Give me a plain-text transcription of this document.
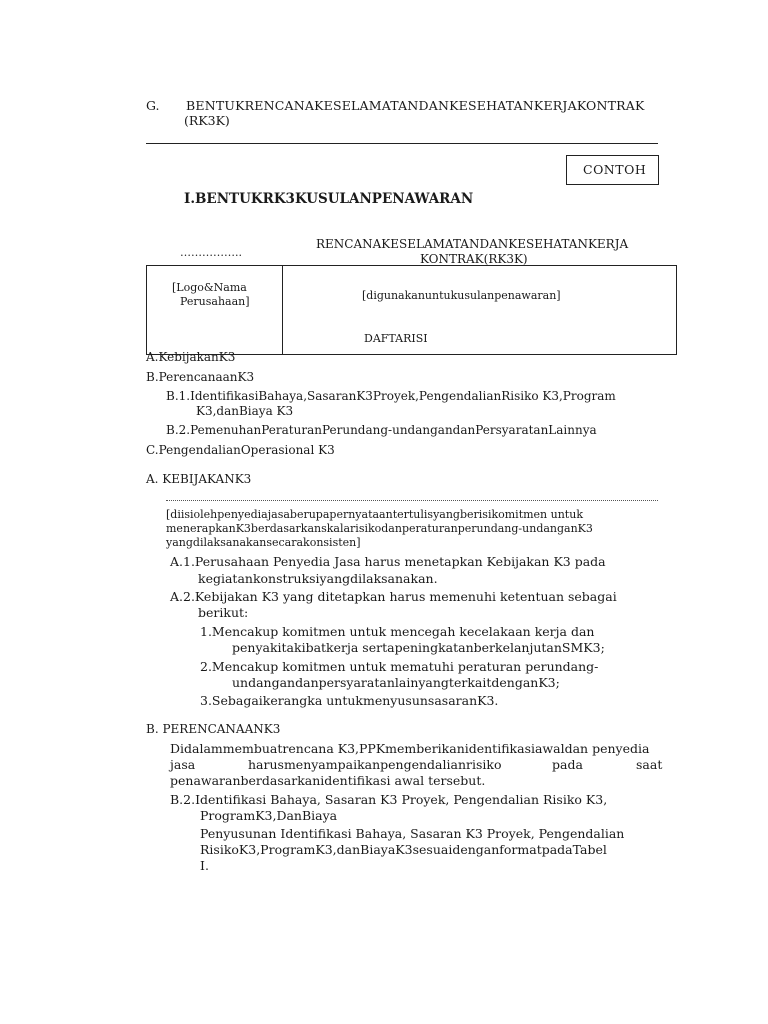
G. BENTUKRENCANAKESELAMATANDANKESEHATANKERJAKONTRAK
(RK3K)
CONTOH
I.BENTUKRK3KUSULANPENAWARAN
……………..
RENCANAKESELAMATANDANKESEHATANKERJA
KONTRAK(RK3K)
[Logo&Nama
Perusahaan]	[digunakanuntukusulanpenawaran]
DAFTARISI
A.KebijakanK3
B.PerencanaanK3
B.1.IdentifikasiBahaya,SasaranK3Proyek,PengendalianRisiko K3,Program
K3,danBiaya K3
B.2.PemenuhanPeraturanPerundang-undangandanPersyaratanLainnya
C.PengendalianOperasional K3
A. KEBIJAKANK3
[diisiolehpenyediajasaberupapernyataantertulisyangberisikomitmen untuk
menerapkanK3berdasarkanskalarisikodanperaturanperundang-undanganK3
yangdilaksanakansecarakonsisten]
A.1.Perusahaan Penyedia Jasa harus menetapkan Kebijakan K3 pada
kegiatankonstruksiyangdilaksanakan.
A.2.Kebijakan K3 yang ditetapkan harus memenuhi ketentuan sebagai
berikut:
1.Mencakup komitmen untuk mencegah kecelakaan kerja dan
penyakitakibatkerja sertapeningkatanberkelanjutanSMK3;
2.Mencakup komitmen untuk mematuhi peraturan perundang-
undangandanpersyaratanlainyangterkaitdenganK3;
3.Sebagaikerangka untukmenyusunsasaranK3.
B. PERENCANAANK3
Didalammembuatrencana K3,PPKmemberikanidentifikasiawaldan penyedia
jasa	harusmenyampaikanpengendalianrisiko	pada	saat
penawaranberdasarkanidentifikasi awal tersebut.
B.2.Identifikasi Bahaya, Sasaran K3 Proyek, Pengendalian Risiko K3,
ProgramK3,DanBiaya
Penyusunan Identifikasi Bahaya, Sasaran K3 Proyek, Pengendalian
RisikoK3,ProgramK3,danBiayaK3sesuaidenganformatpadaTabel
I.
